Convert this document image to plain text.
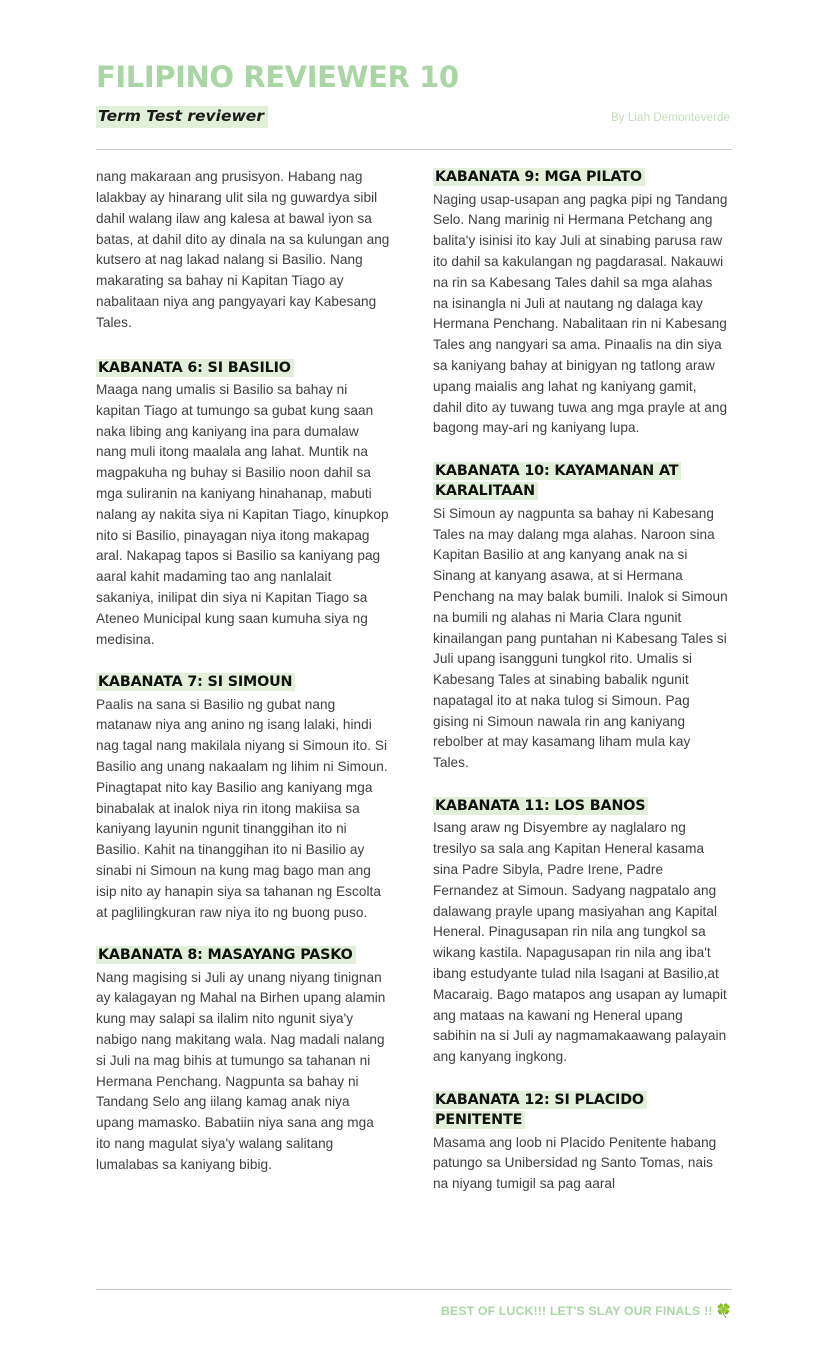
FILIPINO REVIEWER 10
Term Test reviewer	By Liah Demonteverde

nang makaraan ang prusisyon. Habang nag lalakbay ay hinarang ulit sila ng guwardya sibil dahil walang ilaw ang kalesa at bawal iyon sa batas, at dahil dito ay dinala na sa kulungan ang kutsero at nag lakad nalang si Basilio. Nang makarating sa bahay ni Kapitan Tiago ay nabalitaan niya ang pangyayari kay Kabesang Tales.

KABANATA 6: SI BASILIO

Maaga nang umalis si Basilio sa bahay ni kapitan Tiago at tumungo sa gubat kung saan naka libing ang kaniyang ina para dumalaw nang muli itong maalala ang lahat. Muntik na magpakuha ng buhay si Basilio noon dahil sa mga suliranin na kaniyang hinahanap, mabuti nalang ay nakita siya ni Kapitan Tiago, kinupkop nito si Basilio, pinayagan niya itong makapag aral. Nakapag tapos si Basilio sa kaniyang pag aaral kahit madaming tao ang nanlalait sakaniya, inilipat din siya ni Kapitan Tiago sa Ateneo Municipal kung saan kumuha siya ng medisina.

KABANATA 7: SI SIMOUN

Paalis na sana si Basilio ng gubat nang matanaw niya ang anino ng isang lalaki, hindi nag tagal nang makilala niyang si Simoun ito. Si Basilio ang unang nakaalam ng lihim ni Simoun. Pinagtapat nito kay Basilio ang kaniyang mga binabalak at inalok niya rin itong makiisa sa kaniyang layunin ngunit tinanggihan ito ni Basilio. Kahit na tinanggihan ito ni Basilio ay sinabi ni Simoun na kung mag bago man ang isip nito ay hanapin siya sa tahanan ng Escolta at paglilingkuran raw niya ito ng buong puso.

KABANATA 8: MASAYANG PASKO

Nang magising si Juli ay unang niyang tinignan ay kalagayan ng Mahal na Birhen upang alamin kung may salapi sa ilalim nito ngunit siya'y nabigo nang makitang wala. Nag madali nalang si Juli na mag bihis at tumungo sa tahanan ni Hermana Penchang. Nagpunta sa bahay ni Tandang Selo ang iilang kamag anak niya upang mamasko. Babatiin niya sana ang mga ito nang magulat siya'y walang salitang lumalabas sa kaniyang bibig.

KABANATA 9: MGA PILATO

Naging usap-usapan ang pagka pipi ng Tandang Selo. Nang marinig ni Hermana Petchang ang balita'y isinisi ito kay Juli at sinabing parusa raw ito dahil sa kakulangan ng pagdarasal. Nakauwi na rin sa Kabesang Tales dahil sa mga alahas na isinangla ni Juli at nautang ng dalaga kay Hermana Penchang. Nabalitaan rin ni Kabesang Tales ang nangyari sa ama. Pinaalis na din siya sa kaniyang bahay at binigyan ng tatlong araw upang maialis ang lahat ng kaniyang gamit, dahil dito ay tuwang tuwa ang mga prayle at ang bagong may-ari ng kaniyang lupa.

KABANATA 10: KAYAMANAN AT KARALITAAN

Si Simoun ay nagpunta sa bahay ni Kabesang Tales na may dalang mga alahas. Naroon sina Kapitan Basilio at ang kanyang anak na si Sinang at kanyang asawa, at si Hermana Penchang na may balak bumili. Inalok si Simoun na bumili ng alahas ni Maria Clara ngunit kinailangan pang puntahan ni Kabesang Tales si Juli upang isangguni tungkol rito. Umalis si Kabesang Tales at sinabing babalik ngunit napatagal ito at naka tulog si Simoun. Pag gising ni Simoun nawala rin ang kaniyang rebolber at may kasamang liham mula kay Tales.

KABANATA 11: LOS BANOS

Isang araw ng Disyembre ay naglalaro ng tresilyo sa sala ang Kapitan Heneral kasama sina Padre Sibyla, Padre Irene, Padre Fernandez at Simoun. Sadyang nagpatalo ang dalawang prayle upang masiyahan ang Kapital Heneral. Pinagusapan rin nila ang tungkol sa wikang kastila. Napagusapan rin nila ang iba't ibang estudyante tulad nila Isagani at Basilio,at Macaraig. Bago matapos ang usapan ay lumapit ang mataas na kawani ng Heneral upang sabihin na si Juli ay nagmamakaawang palayain ang kanyang ingkong.

KABANATA 12: SI PLACIDO PENITENTE

Masama ang loob ni Placido Penitente habang patungo sa Unibersidad ng Santo Tomas, nais na niyang tumigil sa pag aaral

BEST OF LUCK!!! LET'S SLAY OUR FINALS !! 🍀
